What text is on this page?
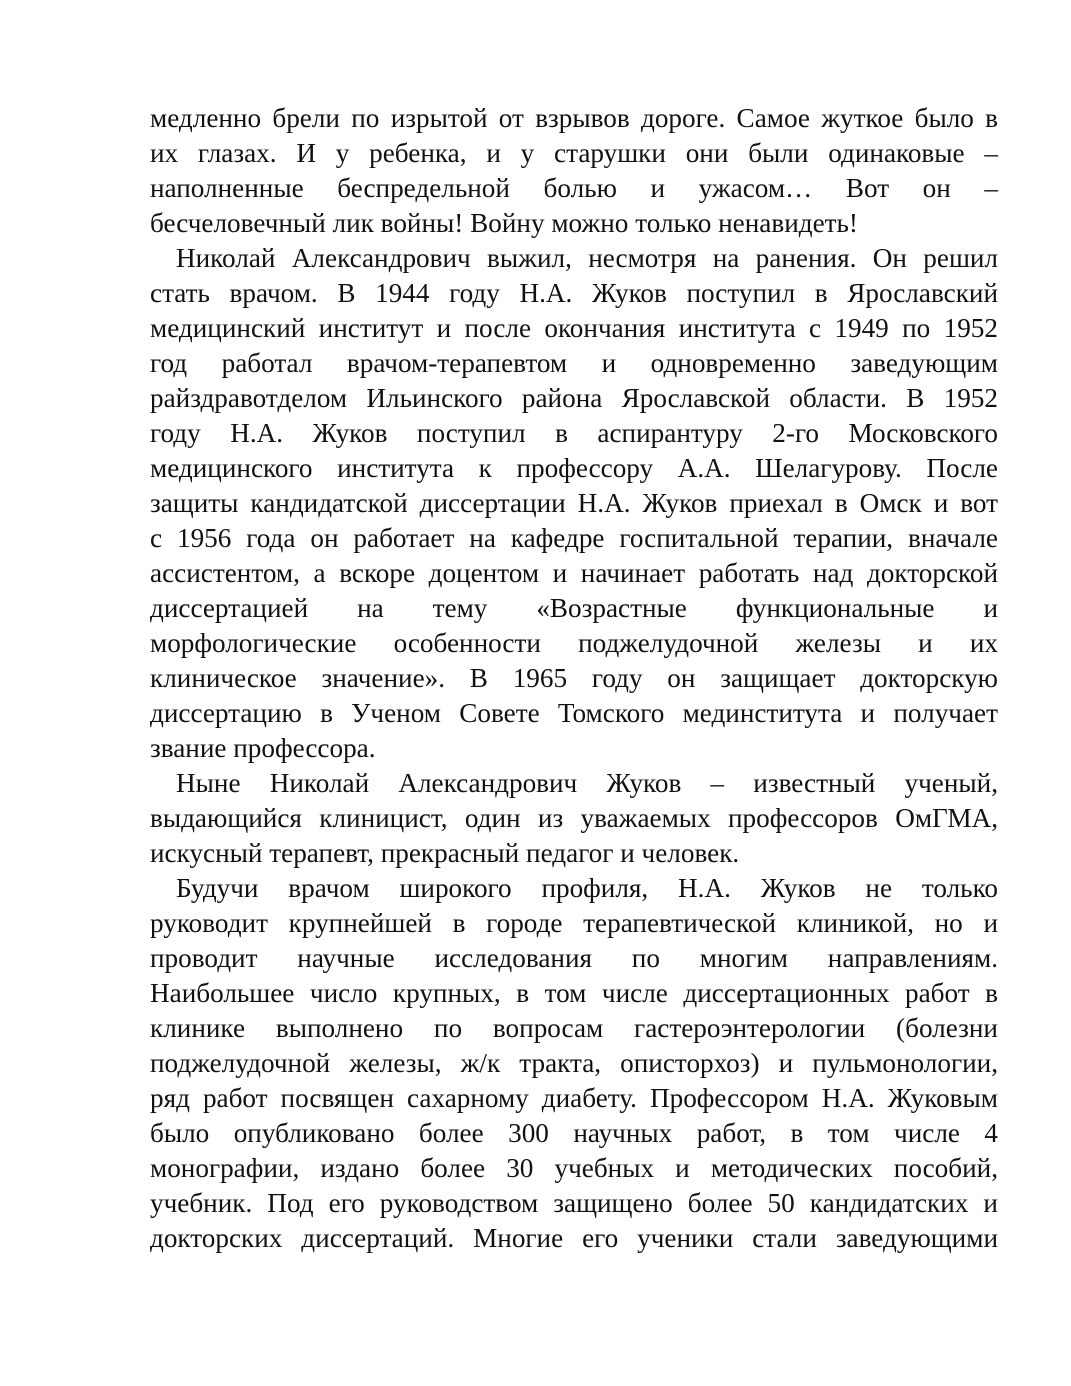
медленно брели по изрытой от взрывов дороге. Самое жуткое было в
их глазах. И у ребенка, и у старушки они были одинаковые –
наполненные беспредельной болью и ужасом… Вот он –
бесчеловечный лик войны! Войну можно только ненавидеть!
Николай Александрович выжил, несмотря на ранения. Он решил
стать врачом. В 1944 году Н.А. Жуков поступил в Ярославский
медицинский институт и после окончания института с 1949 по 1952
год работал врачом-терапевтом и одновременно заведующим
райздравотделом Ильинского района Ярославской области. В 1952
году Н.А. Жуков поступил в аспирантуру 2-го Московского
медицинского института к профессору А.А. Шелагурову. После
защиты кандидатской диссертации Н.А. Жуков приехал в Омск и вот
с 1956 года он работает на кафедре госпитальной терапии, вначале
ассистентом, а вскоре доцентом и начинает работать над докторской
диссертацией на тему «Возрастные функциональные и
морфологические особенности поджелудочной железы и их
клиническое значение». В 1965 году он защищает докторскую
диссертацию в Ученом Совете Томского мединститута и получает
звание профессора.
Ныне Николай Александрович Жуков – известный ученый,
выдающийся клиницист, один из уважаемых профессоров ОмГМА,
искусный терапевт, прекрасный педагог и человек.
Будучи врачом широкого профиля, Н.А. Жуков не только
руководит крупнейшей в городе терапевтической клиникой, но и
проводит научные исследования по многим направлениям.
Наибольшее число крупных, в том числе диссертационных работ в
клинике выполнено по вопросам гастероэнтерологии (болезни
поджелудочной железы, ж/к тракта, описторхоз) и пульмонологии,
ряд работ посвящен сахарному диабету. Профессором Н.А. Жуковым
было опубликовано более 300 научных работ, в том числе 4
монографии, издано более 30 учебных и методических пособий,
учебник. Под его руководством защищено более 50 кандидатских и
докторских диссертаций. Многие его ученики стали заведующими
